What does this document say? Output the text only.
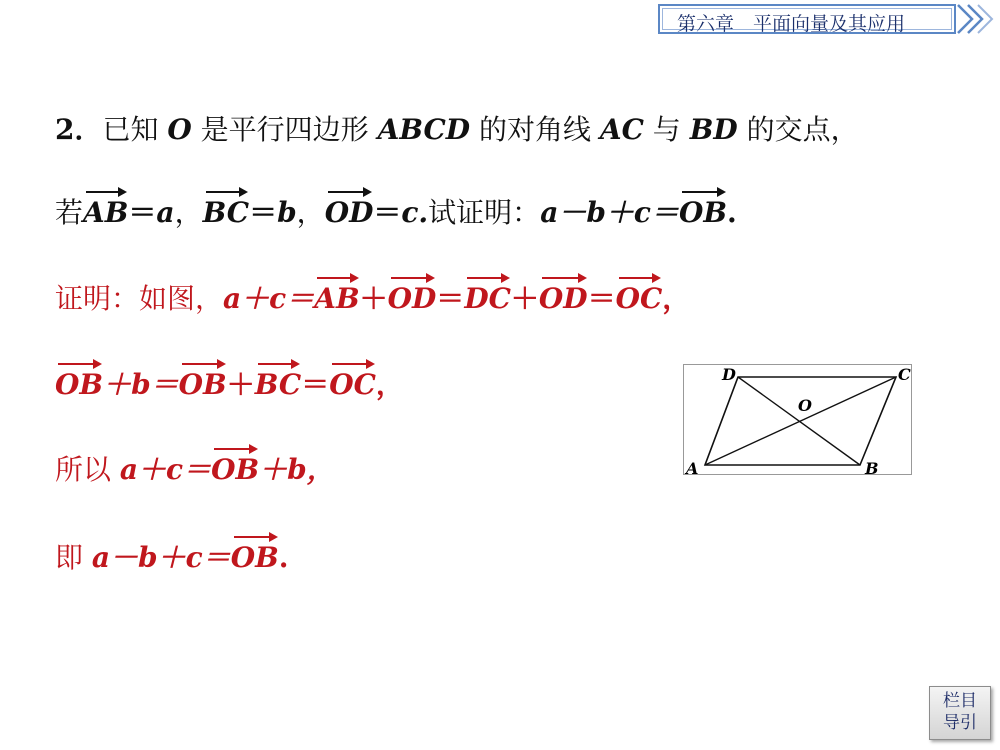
第六章　平面向量及其应用
2．已知 O 是平行四边形 ABCD 的对角线 AC 与 BD 的交点，
若AB＝a，BC＝b，OD＝c.试证明：a－b＋c＝OB.
证明：如图，a＋c＝AB＋OD＝DC＋OD＝OC，
OB＋b＝OB＋BC＝OC，
所以 a＋c＝OB＋b，
即 a－b＋c＝OB.
A	B
C
D
O
栏目
导引
